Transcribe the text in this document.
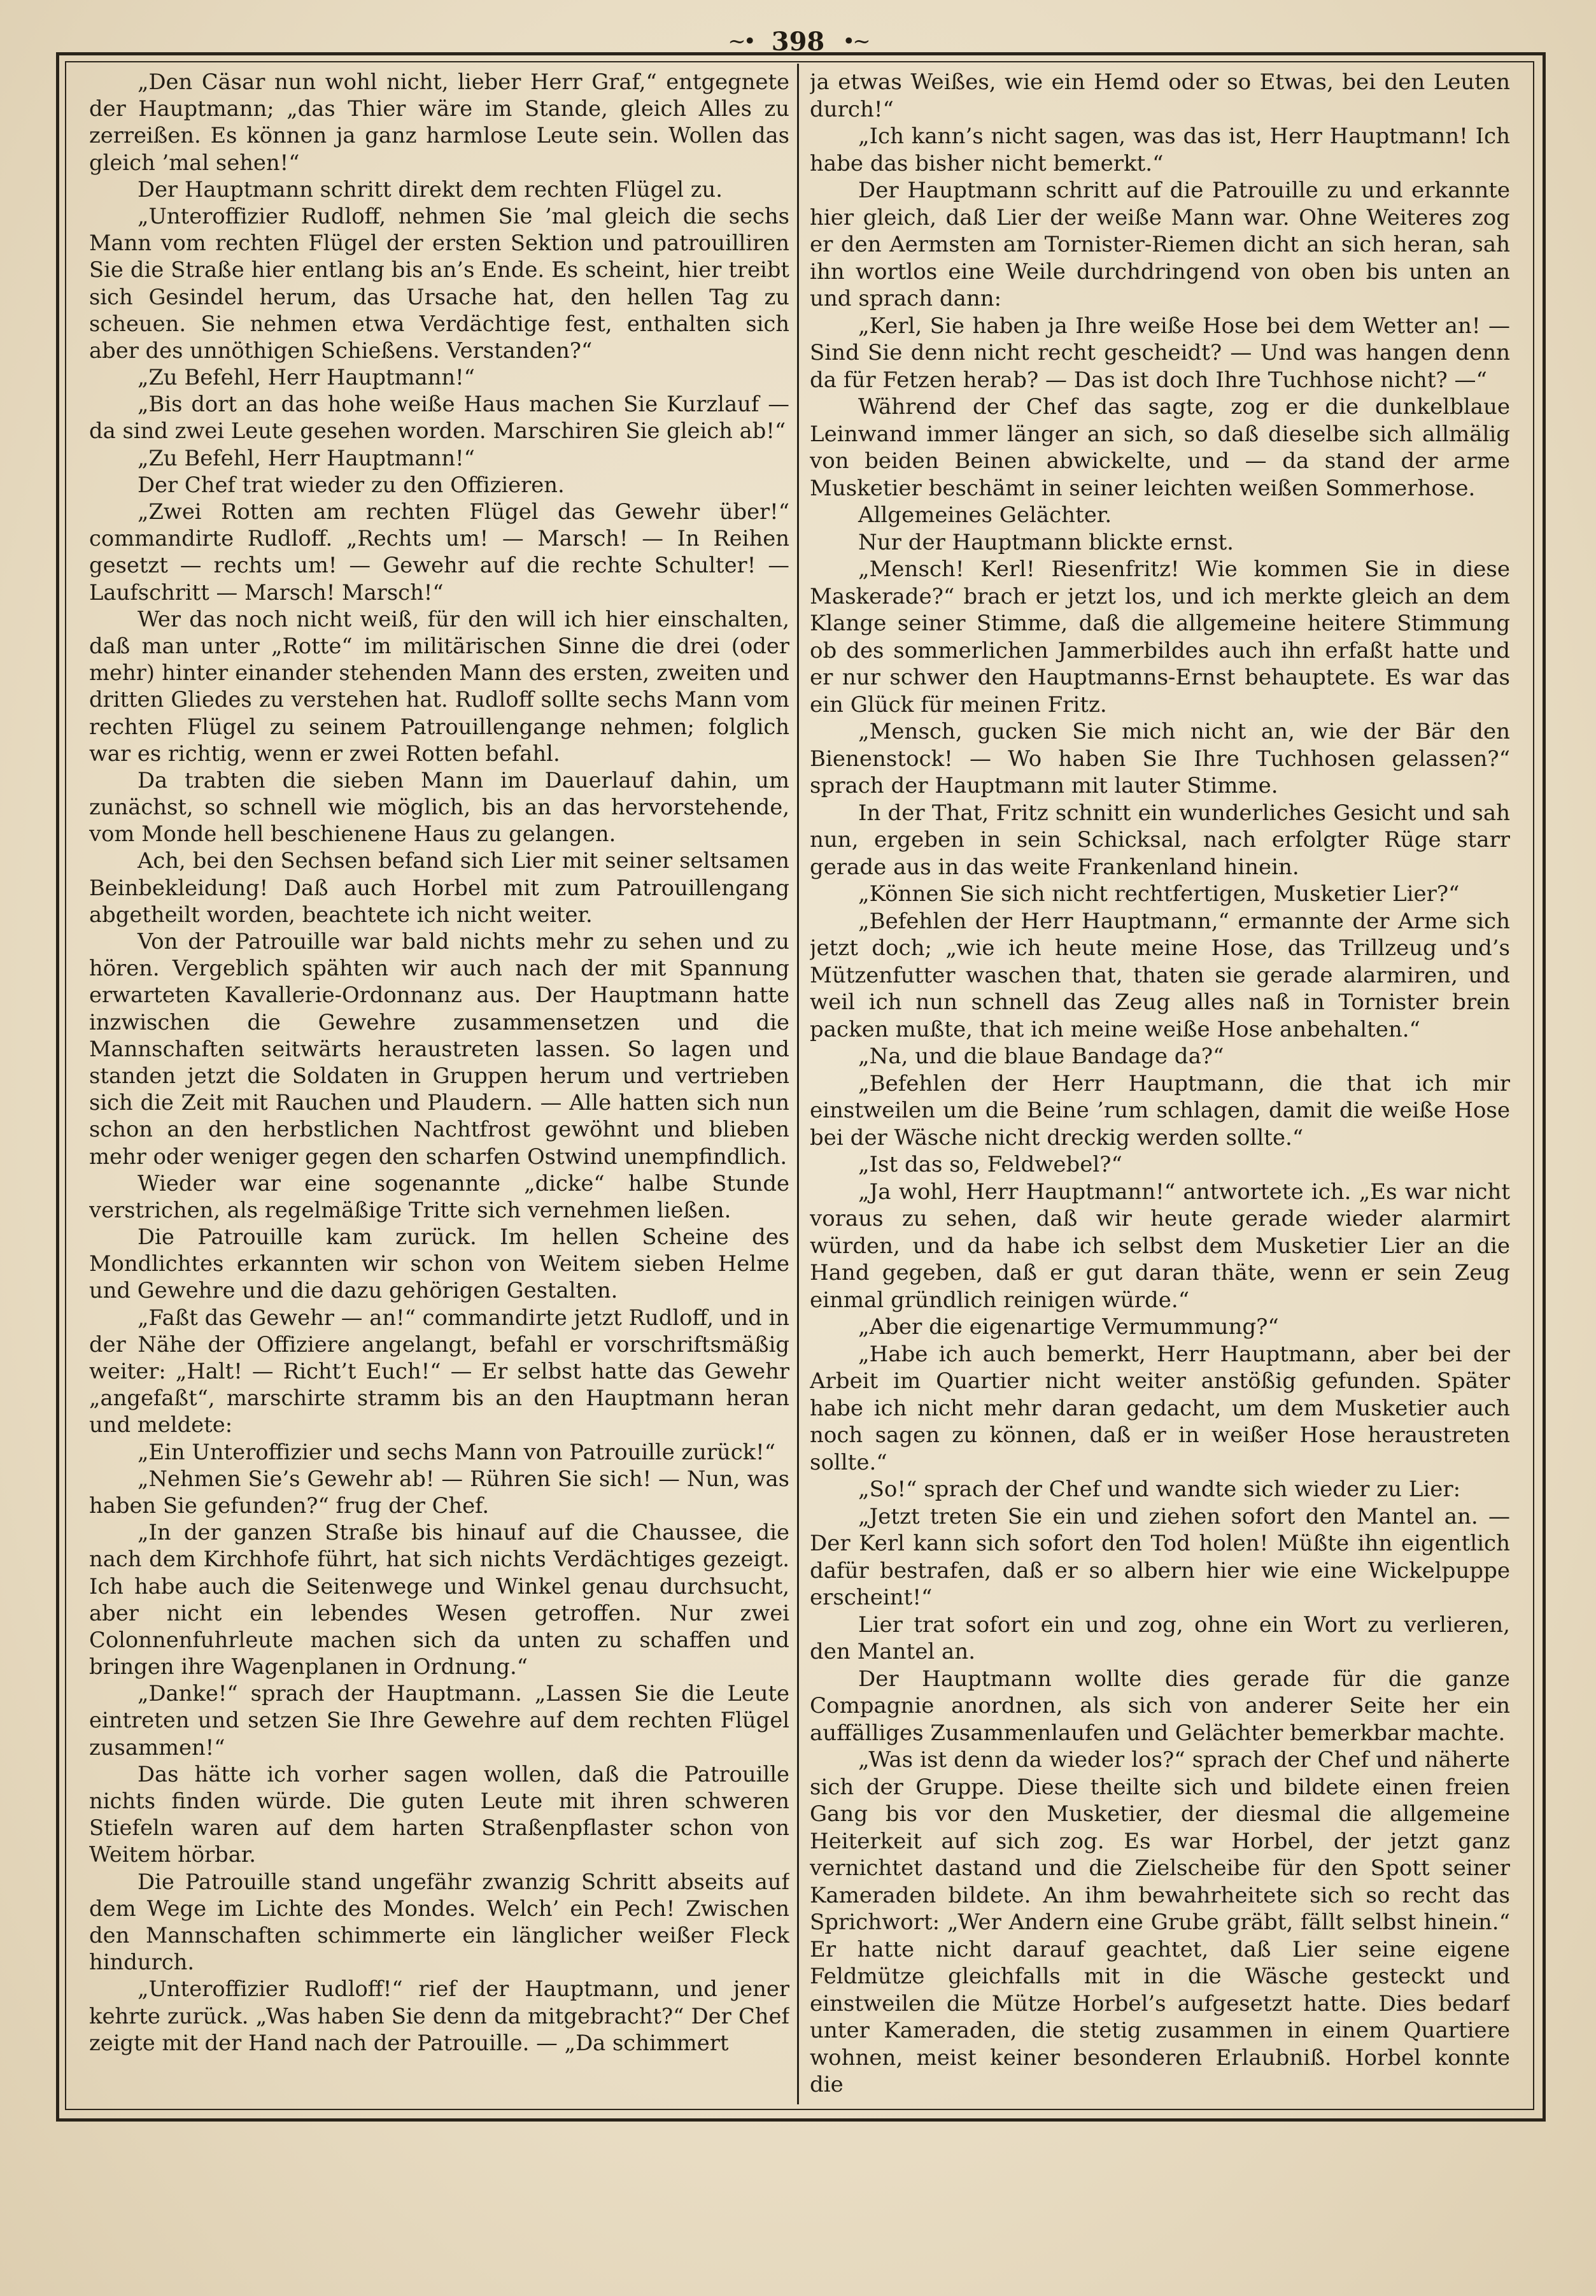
~• 398 •~

„Den Cäsar nun wohl nicht, lieber Herr Graf,“ entgegnete der Hauptmann; „das Thier wäre im Stande, gleich Alles zu zerreißen. Es können ja ganz harmlose Leute sein. Wollen das gleich ’mal sehen!“

Der Hauptmann schritt direkt dem rechten Flügel zu.

„Unteroffizier Rudloff, nehmen Sie ’mal gleich die sechs Mann vom rechten Flügel der ersten Sektion und patrouilliren Sie die Straße hier entlang bis an’s Ende. Es scheint, hier treibt sich Gesindel herum, das Ursache hat, den hellen Tag zu scheuen. Sie nehmen etwa Verdächtige fest, enthalten sich aber des unnöthigen Schießens. Verstanden?“

„Zu Befehl, Herr Hauptmann!“

„Bis dort an das hohe weiße Haus machen Sie Kurzlauf — da sind zwei Leute gesehen worden. Marschiren Sie gleich ab!“

„Zu Befehl, Herr Hauptmann!“

Der Chef trat wieder zu den Offizieren.

„Zwei Rotten am rechten Flügel das Gewehr über!“ commandirte Rudloff. „Rechts um! — Marsch! — In Reihen gesetzt — rechts um! — Gewehr auf die rechte Schulter! — Laufschritt — Marsch! Marsch!“

Wer das noch nicht weiß, für den will ich hier einschalten, daß man unter „Rotte“ im militärischen Sinne die drei (oder mehr) hinter einander stehenden Mann des ersten, zweiten und dritten Gliedes zu verstehen hat. Rudloff sollte sechs Mann vom rechten Flügel zu seinem Patrouillengange nehmen; folglich war es richtig, wenn er zwei Rotten befahl.

Da trabten die sieben Mann im Dauerlauf dahin, um zunächst, so schnell wie möglich, bis an das hervorstehende, vom Monde hell beschienene Haus zu gelangen.

Ach, bei den Sechsen befand sich Lier mit seiner seltsamen Beinbekleidung! Daß auch Horbel mit zum Patrouillengang abgetheilt worden, beachtete ich nicht weiter.

Von der Patrouille war bald nichts mehr zu sehen und zu hören. Vergeblich spähten wir auch nach der mit Spannung erwarteten Kavallerie-Ordonnanz aus. Der Hauptmann hatte inzwischen die Gewehre zusammensetzen und die Mannschaften seitwärts heraustreten lassen. So lagen und standen jetzt die Soldaten in Gruppen herum und vertrieben sich die Zeit mit Rauchen und Plaudern. — Alle hatten sich nun schon an den herbstlichen Nachtfrost gewöhnt und blieben mehr oder weniger gegen den scharfen Ostwind unempfindlich.

Wieder war eine sogenannte „dicke“ halbe Stunde verstrichen, als regelmäßige Tritte sich vernehmen ließen.

Die Patrouille kam zurück. Im hellen Scheine des Mondlichtes erkannten wir schon von Weitem sieben Helme und Gewehre und die dazu gehörigen Gestalten.

„Faßt das Gewehr — an!“ commandirte jetzt Rudloff, und in der Nähe der Offiziere angelangt, befahl er vorschriftsmäßig weiter: „Halt! — Richt’t Euch!“ — Er selbst hatte das Gewehr „angefaßt“, marschirte stramm bis an den Hauptmann heran und meldete:

„Ein Unteroffizier und sechs Mann von Patrouille zurück!“

„Nehmen Sie’s Gewehr ab! — Rühren Sie sich! — Nun, was haben Sie gefunden?“ frug der Chef.

„In der ganzen Straße bis hinauf auf die Chaussee, die nach dem Kirchhofe führt, hat sich nichts Verdächtiges gezeigt. Ich habe auch die Seitenwege und Winkel genau durchsucht, aber nicht ein lebendes Wesen getroffen. Nur zwei Colonnenfuhrleute machen sich da unten zu schaffen und bringen ihre Wagenplanen in Ordnung.“

„Danke!“ sprach der Hauptmann. „Lassen Sie die Leute eintreten und setzen Sie Ihre Gewehre auf dem rechten Flügel zusammen!“

Das hätte ich vorher sagen wollen, daß die Patrouille nichts finden würde. Die guten Leute mit ihren schweren Stiefeln waren auf dem harten Straßenpflaster schon von Weitem hörbar.

Die Patrouille stand ungefähr zwanzig Schritt abseits auf dem Wege im Lichte des Mondes. Welch’ ein Pech! Zwischen den Mannschaften schimmerte ein länglicher weißer Fleck hindurch.

„Unteroffizier Rudloff!“ rief der Hauptmann, und jener kehrte zurück. „Was haben Sie denn da mitgebracht?“ Der Chef zeigte mit der Hand nach der Patrouille. — „Da schimmert

ja etwas Weißes, wie ein Hemd oder so Etwas, bei den Leuten durch!“

„Ich kann’s nicht sagen, was das ist, Herr Hauptmann! Ich habe das bisher nicht bemerkt.“

Der Hauptmann schritt auf die Patrouille zu und erkannte hier gleich, daß Lier der weiße Mann war. Ohne Weiteres zog er den Aermsten am Tornister-Riemen dicht an sich heran, sah ihn wortlos eine Weile durchdringend von oben bis unten an und sprach dann:

„Kerl, Sie haben ja Ihre weiße Hose bei dem Wetter an! — Sind Sie denn nicht recht gescheidt? — Und was hangen denn da für Fetzen herab? — Das ist doch Ihre Tuchhose nicht? —“

Während der Chef das sagte, zog er die dunkelblaue Leinwand immer länger an sich, so daß dieselbe sich allmälig von beiden Beinen abwickelte, und — da stand der arme Musketier beschämt in seiner leichten weißen Sommerhose.

Allgemeines Gelächter.

Nur der Hauptmann blickte ernst.

„Mensch! Kerl! Riesenfritz! Wie kommen Sie in diese Maskerade?“ brach er jetzt los, und ich merkte gleich an dem Klange seiner Stimme, daß die allgemeine heitere Stimmung ob des sommerlichen Jammerbildes auch ihn erfaßt hatte und er nur schwer den Hauptmanns-Ernst behauptete. Es war das ein Glück für meinen Fritz.

„Mensch, gucken Sie mich nicht an, wie der Bär den Bienenstock! — Wo haben Sie Ihre Tuchhosen gelassen?“ sprach der Hauptmann mit lauter Stimme.

In der That, Fritz schnitt ein wunderliches Gesicht und sah nun, ergeben in sein Schicksal, nach erfolgter Rüge starr gerade aus in das weite Frankenland hinein.

„Können Sie sich nicht rechtfertigen, Musketier Lier?“

„Befehlen der Herr Hauptmann,“ ermannte der Arme sich jetzt doch; „wie ich heute meine Hose, das Trillzeug und’s Mützenfutter waschen that, thaten sie gerade alarmiren, und weil ich nun schnell das Zeug alles naß in Tornister brein packen mußte, that ich meine weiße Hose anbehalten.“

„Na, und die blaue Bandage da?“

„Befehlen der Herr Hauptmann, die that ich mir einstweilen um die Beine ’rum schlagen, damit die weiße Hose bei der Wäsche nicht dreckig werden sollte.“

„Ist das so, Feldwebel?“

„Ja wohl, Herr Hauptmann!“ antwortete ich. „Es war nicht voraus zu sehen, daß wir heute gerade wieder alarmirt würden, und da habe ich selbst dem Musketier Lier an die Hand gegeben, daß er gut daran thäte, wenn er sein Zeug einmal gründlich reinigen würde.“

„Aber die eigenartige Vermummung?“

„Habe ich auch bemerkt, Herr Hauptmann, aber bei der Arbeit im Quartier nicht weiter anstößig gefunden. Später habe ich nicht mehr daran gedacht, um dem Musketier auch noch sagen zu können, daß er in weißer Hose heraustreten sollte.“

„So!“ sprach der Chef und wandte sich wieder zu Lier:

„Jetzt treten Sie ein und ziehen sofort den Mantel an. — Der Kerl kann sich sofort den Tod holen! Müßte ihn eigentlich dafür bestrafen, daß er so albern hier wie eine Wickelpuppe erscheint!“

Lier trat sofort ein und zog, ohne ein Wort zu verlieren, den Mantel an.

Der Hauptmann wollte dies gerade für die ganze Compagnie anordnen, als sich von anderer Seite her ein auffälliges Zusammenlaufen und Gelächter bemerkbar machte.

„Was ist denn da wieder los?“ sprach der Chef und näherte sich der Gruppe. Diese theilte sich und bildete einen freien Gang bis vor den Musketier, der diesmal die allgemeine Heiterkeit auf sich zog. Es war Horbel, der jetzt ganz vernichtet dastand und die Zielscheibe für den Spott seiner Kameraden bildete. An ihm bewahrheitete sich so recht das Sprichwort: „Wer Andern eine Grube gräbt, fällt selbst hinein.“ Er hatte nicht darauf geachtet, daß Lier seine eigene Feldmütze gleichfalls mit in die Wäsche gesteckt und einstweilen die Mütze Horbel’s aufgesetzt hatte. Dies bedarf unter Kameraden, die stetig zusammen in einem Quartiere wohnen, meist keiner besonderen Erlaubniß. Horbel konnte die
